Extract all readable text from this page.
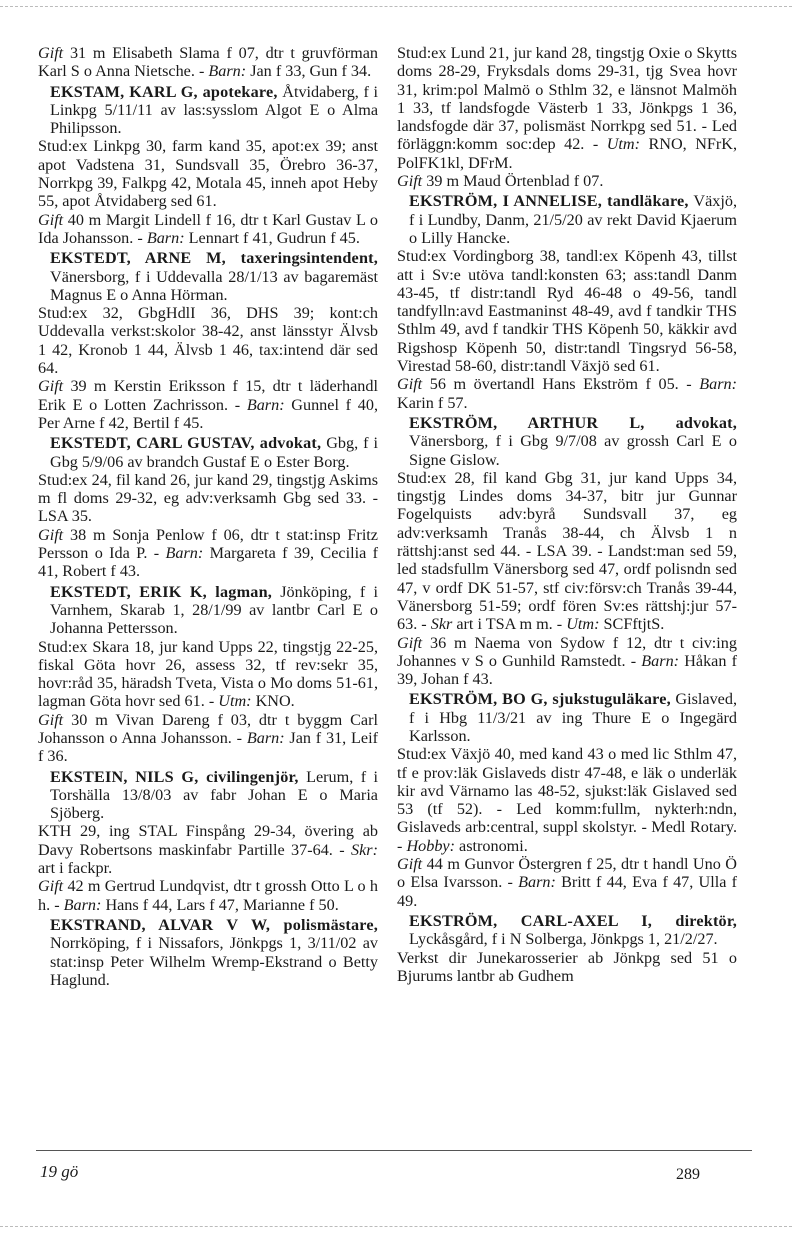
Gift 31 m Elisabeth Slama f 07, dtr t gruvförman Karl S o Anna Nietsche. - Barn: Jan f 33, Gun f 34.

EKSTAM, KARL G, apotekare, Åtvidaberg, f i Linkpg 5/11/11 av las:sysslom Algot E o Alma Philipsson.

Stud:ex Linkpg 30, farm kand 35, apot:ex 39; anst apot Vadstena 31, Sundsvall 35, Örebro 36-37, Norrkpg 39, Falkpg 42, Motala 45, inneh apot Heby 55, apot Åtvidaberg sed 61.

Gift 40 m Margit Lindell f 16, dtr t Karl Gustav L o Ida Johansson. - Barn: Lennart f 41, Gudrun f 45.

EKSTEDT, ARNE M, taxeringsintendent, Vänersborg, f i Uddevalla 28/1/13 av bagaremäst Magnus E o Anna Hörman.

Stud:ex 32, GbgHdlI 36, DHS 39; kont:ch Uddevalla verkst:skolor 38-42, anst länsstyr Älvsb 1 42, Kronob 1 44, Älvsb 1 46, tax:intend där sed 64.

Gift 39 m Kerstin Eriksson f 15, dtr t läderhandl Erik E o Lotten Zachrisson. - Barn: Gunnel f 40, Per Arne f 42, Bertil f 45.

EKSTEDT, CARL GUSTAV, advokat, Gbg, f i Gbg 5/9/06 av brandch Gustaf E o Ester Borg.

Stud:ex 24, fil kand 26, jur kand 29, tingstjg Askims m fl doms 29-32, eg adv:verksamh Gbg sed 33. - LSA 35.

Gift 38 m Sonja Penlow f 06, dtr t stat:insp Fritz Persson o Ida P. - Barn: Margareta f 39, Cecilia f 41, Robert f 43.

EKSTEDT, ERIK K, lagman, Jönköping, f i Varnhem, Skarab 1, 28/1/99 av lantbr Carl E o Johanna Pettersson.

Stud:ex Skara 18, jur kand Upps 22, tingstjg 22-25, fiskal Göta hovr 26, assess 32, tf rev:sekr 35, hovr:råd 35, häradsh Tveta, Vista o Mo doms 51-61, lagman Göta hovr sed 61. - Utm: KNO.

Gift 30 m Vivan Dareng f 03, dtr t byggm Carl Johansson o Anna Johansson. - Barn: Jan f 31, Leif f 36.

EKSTEIN, NILS G, civilingenjör, Lerum, f i Torshälla 13/8/03 av fabr Johan E o Maria Sjöberg.

KTH 29, ing STAL Finspång 29-34, övering ab Davy Robertsons maskinfabr Partille 37-64. - Skr: art i fackpr.

Gift 42 m Gertrud Lundqvist, dtr t grossh Otto L o h h. - Barn: Hans f 44, Lars f 47, Marianne f 50.

EKSTRAND, ALVAR V W, polismästare, Norrköping, f i Nissafors, Jönkpgs 1, 3/11/02 av stat:insp Peter Wilhelm Wremp-Ekstrand o Betty Haglund.

Stud:ex Lund 21, jur kand 28, tingstjg Oxie o Skytts doms 28-29, Fryksdals doms 29-31, tjg Svea hovr 31, krim:pol Malmö o Sthlm 32, e länsnot Malmöh 1 33, tf landsfogde Västerb 1 33, Jönkpgs 1 36, landsfogde där 37, polismäst Norrkpg sed 51. - Led förläggn:komm soc:dep 42. - Utm: RNO, NFrK, PolFK1kl, DFrM.

Gift 39 m Maud Örtenblad f 07.

EKSTRÖM, I ANNELISE, tandläkare, Växjö, f i Lundby, Danm, 21/5/20 av rekt David Kjaerum o Lilly Hancke.

Stud:ex Vordingborg 38, tandl:ex Köpenh 43, tillst att i Sv:e utöva tandl:konsten 63; ass:tandl Danm 43-45, tf distr:tandl Ryd 46-48 o 49-56, tandl tandfylln:avd Eastmaninst 48-49, avd f tandkir THS Sthlm 49, avd f tandkir THS Köpenh 50, käkkir avd Rigshosp Köpenh 50, distr:tandl Tingsryd 56-58, Virestad 58-60, distr:tandl Växjö sed 61.

Gift 56 m övertandl Hans Ekström f 05. - Barn: Karin f 57.

EKSTRÖM, ARTHUR L, advokat, Vänersborg, f i Gbg 9/7/08 av grossh Carl E o Signe Gislow.

Stud:ex 28, fil kand Gbg 31, jur kand Upps 34, tingstjg Lindes doms 34-37, bitr jur Gunnar Fogelquists adv:byrå Sundsvall 37, eg adv:verksamh Tranås 38-44, ch Älvsb 1 n rättshj:anst sed 44. - LSA 39. - Landst:man sed 59, led stadsfullm Vänersborg sed 47, ordf polisndn sed 47, v ordf DK 51-57, stf civ:försv:ch Tranås 39-44, Vänersborg 51-59; ordf fören Sv:es rättshj:jur 57-63. - Skr art i TSA m m. - Utm: SCFftjtS.

Gift 36 m Naema von Sydow f 12, dtr t civ:ing Johannes v S o Gunhild Ramstedt. - Barn: Håkan f 39, Johan f 43.

EKSTRÖM, BO G, sjukstuguläkare, Gislaved, f i Hbg 11/3/21 av ing Thure E o Ingegärd Karlsson.

Stud:ex Växjö 40, med kand 43 o med lic Sthlm 47, tf e prov:läk Gislaveds distr 47-48, e läk o underläk kir avd Värnamo las 48-52, sjukst:läk Gislaved sed 53 (tf 52). - Led komm:fullm, nykterh:ndn, Gislaveds arb:central, suppl skolstyr. - Medl Rotary. - Hobby: astronomi.

Gift 44 m Gunvor Östergren f 25, dtr t handl Uno Ö o Elsa Ivarsson. - Barn: Britt f 44, Eva f 47, Ulla f 49.

EKSTRÖM, CARL-AXEL I, direktör, Lyckåsgård, f i N Solberga, Jönkpgs 1, 21/2/27.

Verkst dir Junekarosserier ab Jönkpg sed 51 o Bjurums lantbr ab Gudhem

19 gö	289
